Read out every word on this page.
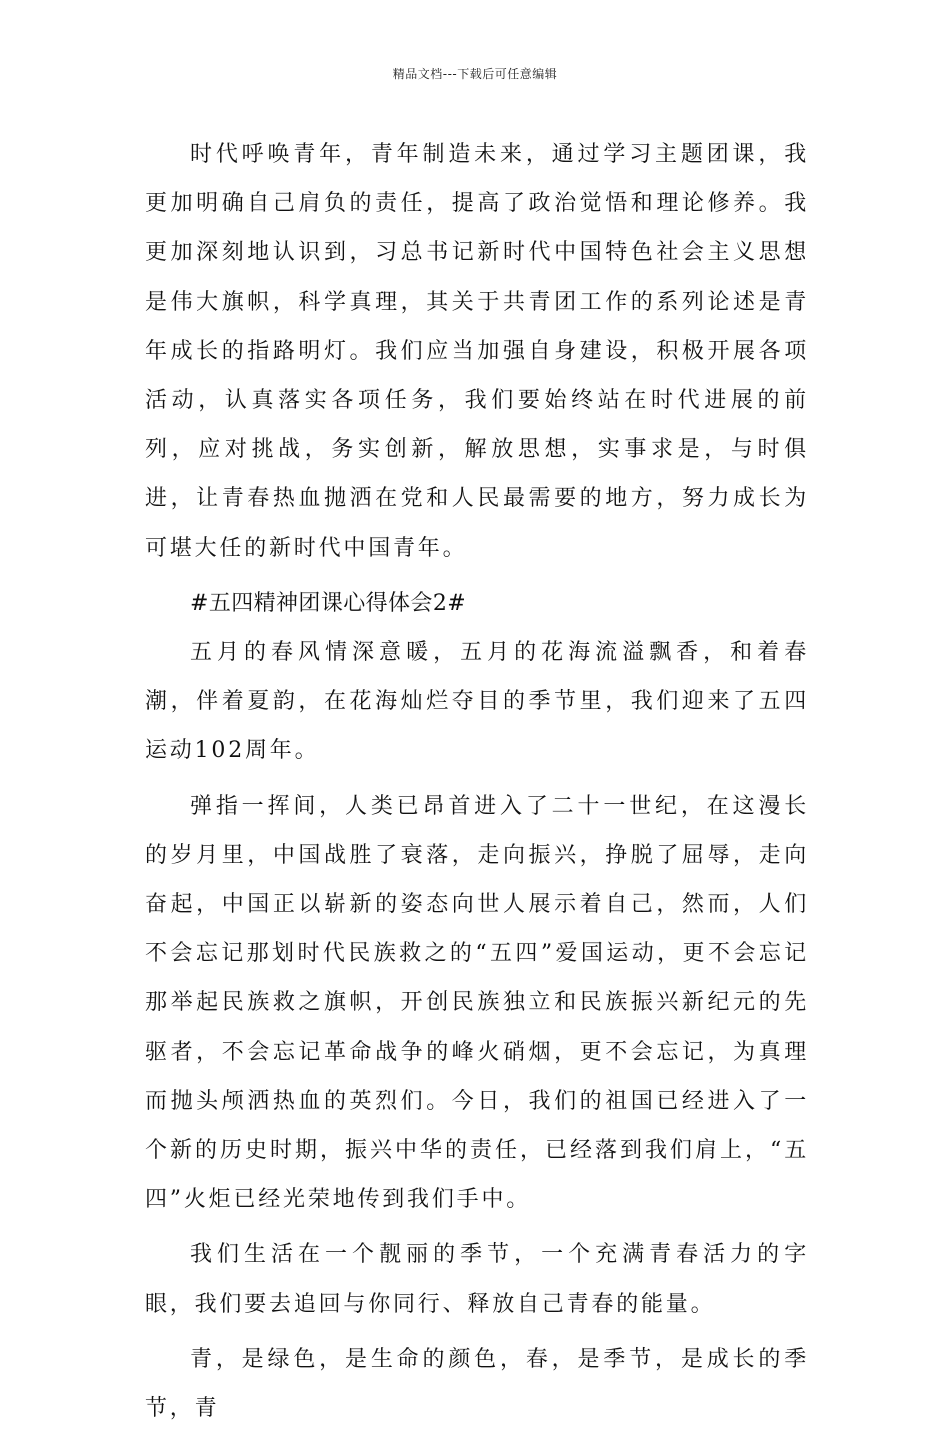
精品文档---下载后可任意编辑

时代呼唤青年，青年制造未来，通过学习主题团课，我更加明确自己肩负的责任，提高了政治觉悟和理论修养。我更加深刻地认识到，习总书记新时代中国特色社会主义思想是伟大旗帜，科学真理，其关于共青团工作的系列论述是青年成长的指路明灯。我们应当加强自身建设，积极开展各项活动，认真落实各项任务，我们要始终站在时代进展的前列，应对挑战，务实创新，解放思想，实事求是，与时俱进，让青春热血抛洒在党和人民最需要的地方，努力成长为可堪大任的新时代中国青年。

#五四精神团课心得体会2#

五月的春风情深意暖，五月的花海流溢飘香，和着春潮，伴着夏韵，在花海灿烂夺目的季节里，我们迎来了五四运动102周年。

弹指一挥间，人类已昂首进入了二十一世纪，在这漫长的岁月里，中国战胜了衰落，走向振兴，挣脱了屈辱，走向奋起，中国正以崭新的姿态向世人展示着自己，然而，人们不会忘记那划时代民族救之的“五四”爱国运动，更不会忘记那举起民族救之旗帜，开创民族独立和民族振兴新纪元的先驱者，不会忘记革命战争的峰火硝烟，更不会忘记，为真理而抛头颅洒热血的英烈们。今日，我们的祖国已经进入了一个新的历史时期，振兴中华的责任，已经落到我们肩上，“五四”火炬已经光荣地传到我们手中。

我们生活在一个靓丽的季节，一个充满青春活力的字眼，我们要去追回与你同行、释放自己青春的能量。

青，是绿色，是生命的颜色，春，是季节，是成长的季节，青
